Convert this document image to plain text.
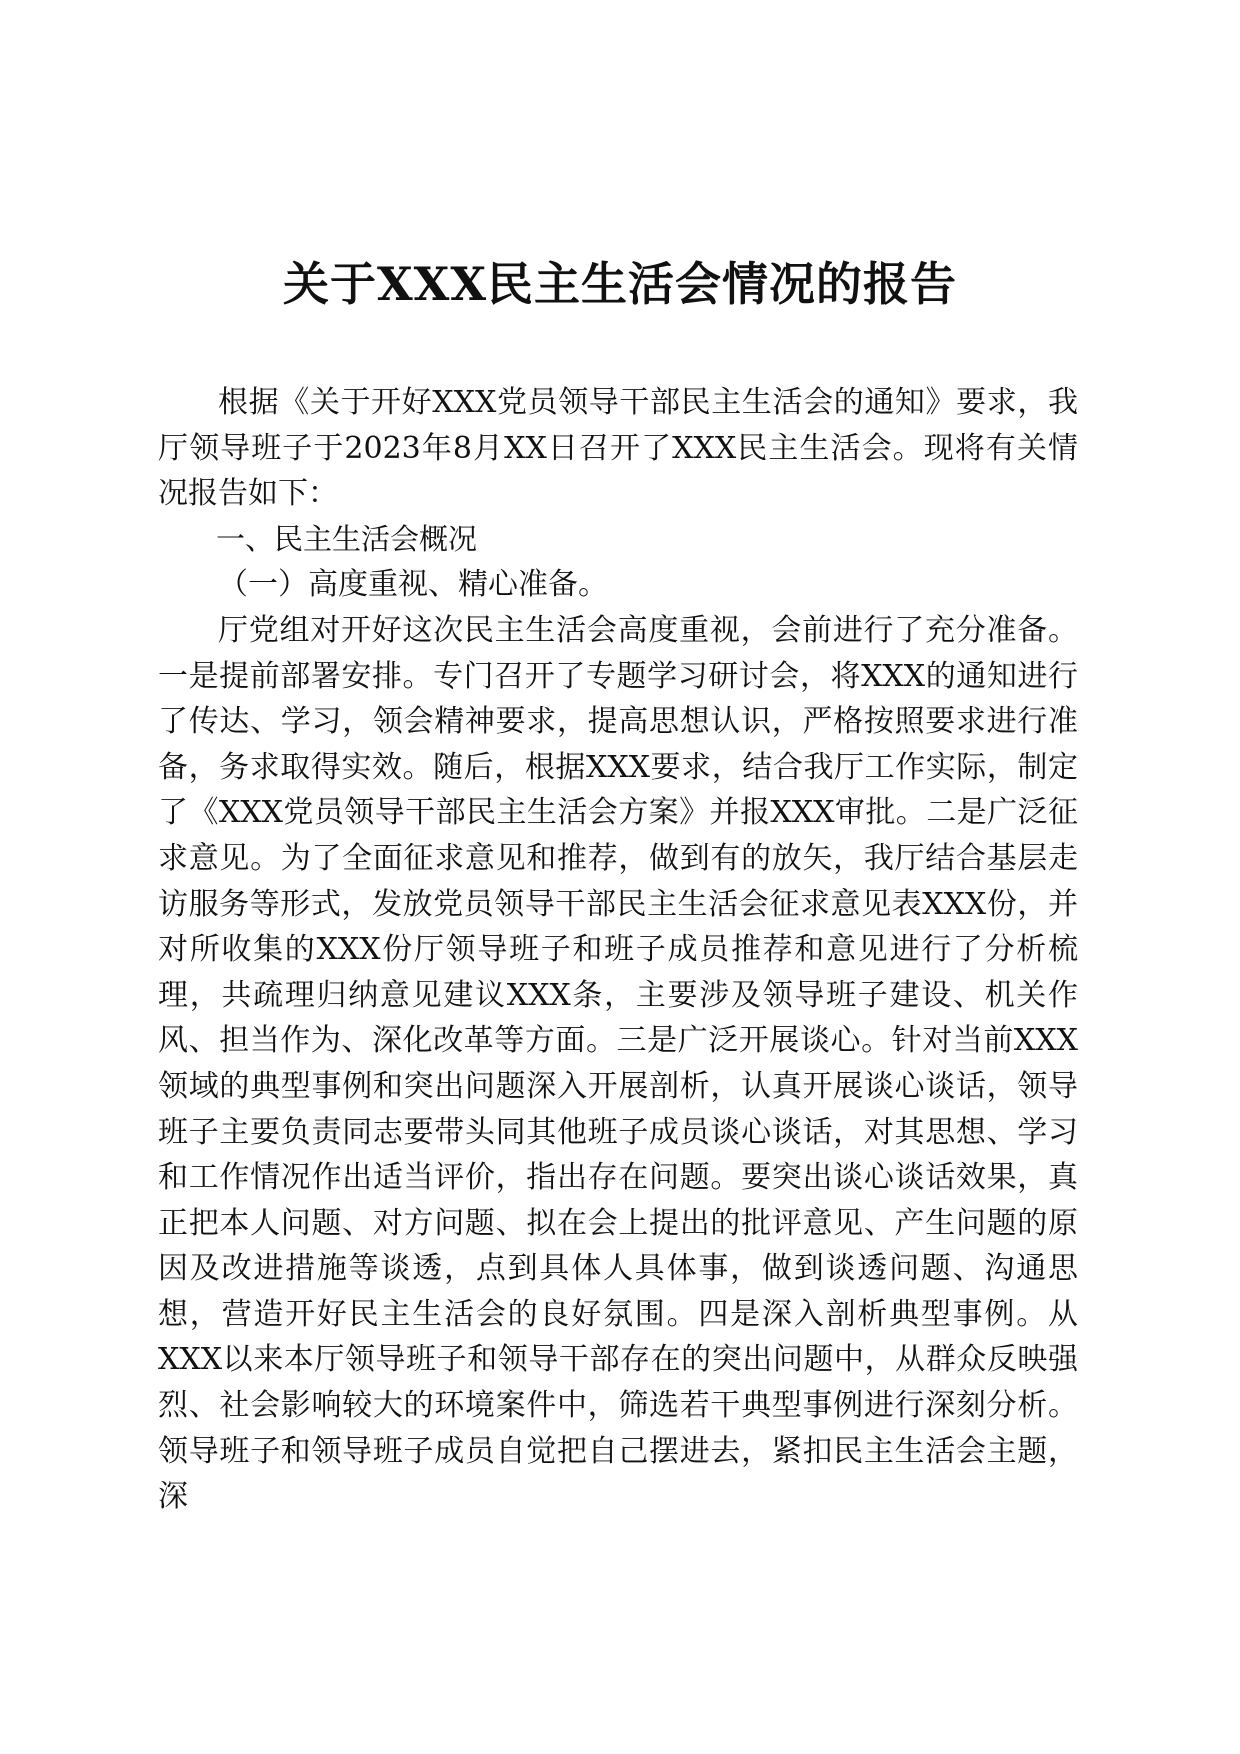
关于XXX民主生活会情况的报告

根据《关于开好XXX党员领导干部民主生活会的通知》要求，我厅领导班子于2023年8月XX日召开了XXX民主生活会。现将有关情况报告如下：

一、民主生活会概况
（一）高度重视、精心准备。

厅党组对开好这次民主生活会高度重视，会前进行了充分准备。一是提前部署安排。专门召开了专题学习研讨会，将XXX的通知进行了传达、学习，领会精神要求，提高思想认识，严格按照要求进行准备，务求取得实效。随后，根据XXX要求，结合我厅工作实际，制定了《XXX党员领导干部民主生活会方案》并报XXX审批。二是广泛征求意见。为了全面征求意见和推荐，做到有的放矢，我厅结合基层走访服务等形式，发放党员领导干部民主生活会征求意见表XXX份，并对所收集的XXX份厅领导班子和班子成员推荐和意见进行了分析梳理，共疏理归纳意见建议XXX条，主要涉及领导班子建设、机关作风、担当作为、深化改革等方面。三是广泛开展谈心。针对当前XXX领域的典型事例和突出问题深入开展剖析，认真开展谈心谈话，领导班子主要负责同志要带头同其他班子成员谈心谈话，对其思想、学习和工作情况作出适当评价，指出存在问题。要突出谈心谈话效果，真正把本人问题、对方问题、拟在会上提出的批评意见、产生问题的原因及改进措施等谈透，点到具体人具体事，做到谈透问题、沟通思想，营造开好民主生活会的良好氛围。四是深入剖析典型事例。从XXX以来本厅领导班子和领导干部存在的突出问题中，从群众反映强烈、社会影响较大的环境案件中，筛选若干典型事例进行深刻分析。领导班子和领导班子成员自觉把自己摆进去，紧扣民主生活会主题，深
